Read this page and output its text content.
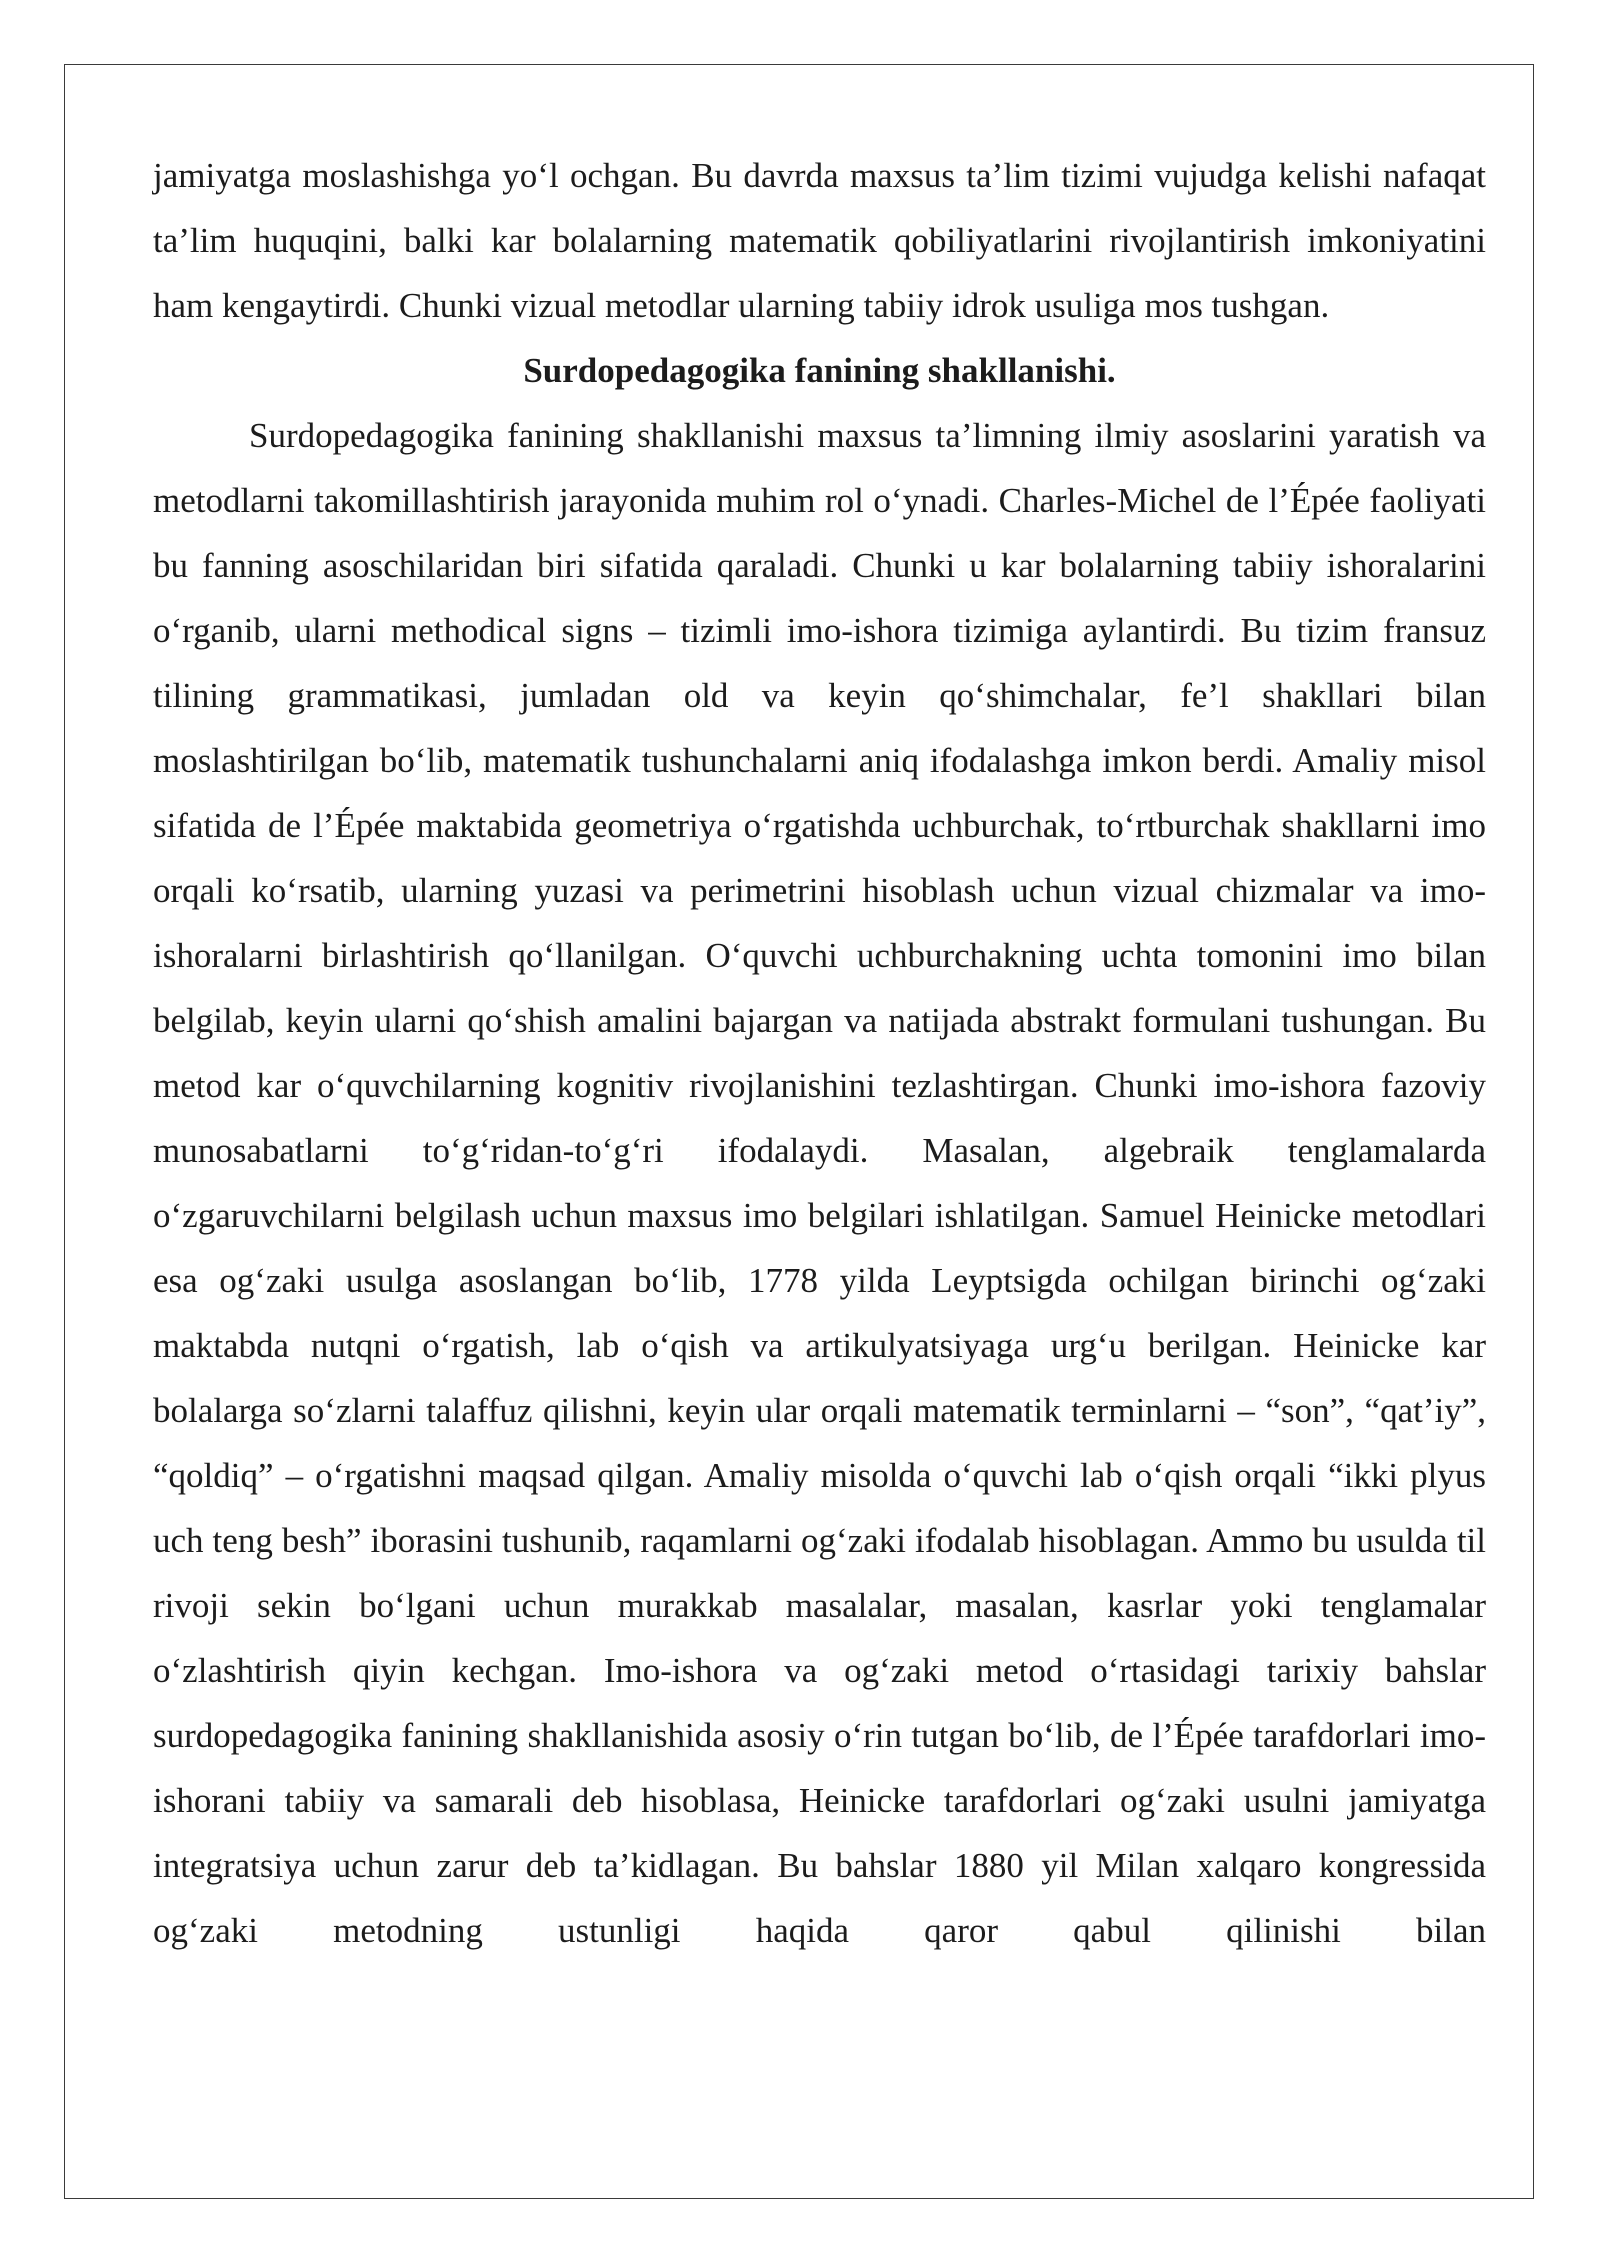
jamiyatga moslashishga yo‘l ochgan. Bu davrda maxsus ta’lim tizimi vujudga kelishi nafaqat ta’lim huquqini, balki kar bolalarning matematik qobiliyatlarini rivojlantirish imkoniyatini ham kengaytirdi. Chunki vizual metodlar ularning tabiiy idrok usuliga mos tushgan.

Surdopedagogika fanining shakllanishi.

Surdopedagogika fanining shakllanishi maxsus ta’limning ilmiy asoslarini yaratish va metodlarni takomillashtirish jarayonida muhim rol o‘ynadi. Charles-Michel de l’Épée faoliyati bu fanning asoschilaridan biri sifatida qaraladi. Chunki u kar bolalarning tabiiy ishoralarini o‘rganib, ularni methodical signs – tizimli imo-ishora tizimiga aylantirdi. Bu tizim fransuz tilining grammatikasi, jumladan old va keyin qo‘shimchalar, fe’l shakllari bilan moslashtirilgan bo‘lib, matematik tushunchalarni aniq ifodalashga imkon berdi. Amaliy misol sifatida de l’Épée maktabida geometriya o‘rgatishda uchburchak, to‘rtburchak shakllarni imo orqali ko‘rsatib, ularning yuzasi va perimetrini hisoblash uchun vizual chizmalar va imo-ishoralarni birlashtirish qo‘llanilgan. O‘quvchi uchburchakning uchta tomonini imo bilan belgilab, keyin ularni qo‘shish amalini bajargan va natijada abstrakt formulani tushungan. Bu metod kar o‘quvchilarning kognitiv rivojlanishini tezlashtirgan. Chunki imo-ishora fazoviy munosabatlarni to‘g‘ridan-to‘g‘ri ifodalaydi. Masalan, algebraik tenglamalarda o‘zgaruvchilarni belgilash uchun maxsus imo belgilari ishlatilgan. Samuel Heinicke metodlari esa og‘zaki usulga asoslangan bo‘lib, 1778 yilda Leyptsigda ochilgan birinchi og‘zaki maktabda nutqni o‘rgatish, lab o‘qish va artikulyatsiyaga urg‘u berilgan. Heinicke kar bolalarga so‘zlarni talaffuz qilishni, keyin ular orqali matematik terminlarni – “son”, “qat’iy”, “qoldiq” – o‘rgatishni maqsad qilgan. Amaliy misolda o‘quvchi lab o‘qish orqali “ikki plyus uch teng besh” iborasini tushunib, raqamlarni og‘zaki ifodalab hisoblagan. Ammo bu usulda til rivoji sekin bo‘lgani uchun murakkab masalalar, masalan, kasrlar yoki tenglamalar o‘zlashtirish qiyin kechgan. Imo-ishora va og‘zaki metod o‘rtasidagi tarixiy bahslar surdopedagogika fanining shakllanishida asosiy o‘rin tutgan bo‘lib, de l’Épée tarafdorlari imo-ishorani tabiiy va samarali deb hisoblasa, Heinicke tarafdorlari og‘zaki usulni jamiyatga integratsiya uchun zarur deb ta’kidlagan. Bu bahslar 1880 yil Milan xalqaro kongressida og‘zaki metodning ustunligi haqida qaror qabul qilinishi bilan
